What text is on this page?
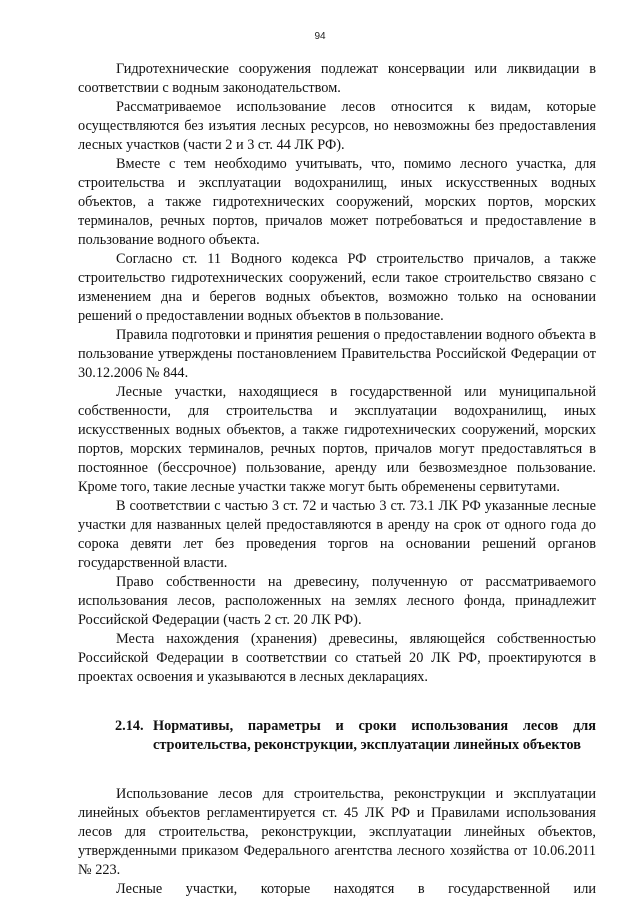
94

Гидротехнические сооружения подлежат консервации или ликвидации в соответствии с водным законодательством.

Рассматриваемое использование лесов относится к видам, которые осуществляются без изъятия лесных ресурсов, но невозможны без предоставления лесных участков (части 2 и 3 ст. 44 ЛК РФ).

Вместе с тем необходимо учитывать, что, помимо лесного участка, для строительства и эксплуатации водохранилищ, иных искусственных водных объектов, а также гидротехнических сооружений, морских портов, морских терминалов, речных портов, причалов может потребоваться и предоставление в пользование водного объекта.

Согласно ст. 11 Водного кодекса РФ строительство причалов, а также строительство гидротехнических сооружений, если такое строительство связано с изменением дна и берегов водных объектов, возможно только на основании решений о предоставлении водных объектов в пользование.

Правила подготовки и принятия решения о предоставлении водного объекта в пользование утверждены постановлением Правительства Российской Федерации от 30.12.2006 № 844.

Лесные участки, находящиеся в государственной или муниципальной собственности, для строительства и эксплуатации водохранилищ, иных искусственных водных объектов, а также гидротехнических сооружений, морских портов, морских терминалов, речных портов, причалов могут предоставляться в постоянное (бессрочное) пользование, аренду или безвозмездное пользование. Кроме того, такие лесные участки также могут быть обременены сервитутами.

В соответствии с частью 3 ст. 72 и частью 3 ст. 73.1 ЛК РФ указанные лесные участки для названных целей предоставляются в аренду на срок от одного года до сорока девяти лет без проведения торгов на основании решений органов государственной власти.

Право собственности на древесину, полученную от рассматриваемого использования лесов, расположенных на землях лесного фонда, принадлежит Российской Федерации (часть 2 ст. 20 ЛК РФ).

Места нахождения (хранения) древесины, являющейся собственностью Российской Федерации в соответствии со статьей 20 ЛК РФ, проектируются в проектах освоения и указываются в лесных декларациях.

2.14. Нормативы, параметры и сроки использования лесов для строительства, реконструкции, эксплуатации линейных объектов

Использование лесов для строительства, реконструкции и эксплуатации линейных объектов регламентируется ст. 45 ЛК РФ и Правилами использования лесов для строительства, реконструкции, эксплуатации линейных объектов, утвержденными приказом Федерального агентства лесного хозяйства от 10.06.2011 № 223.

Лесные участки, которые находятся в государственной или
